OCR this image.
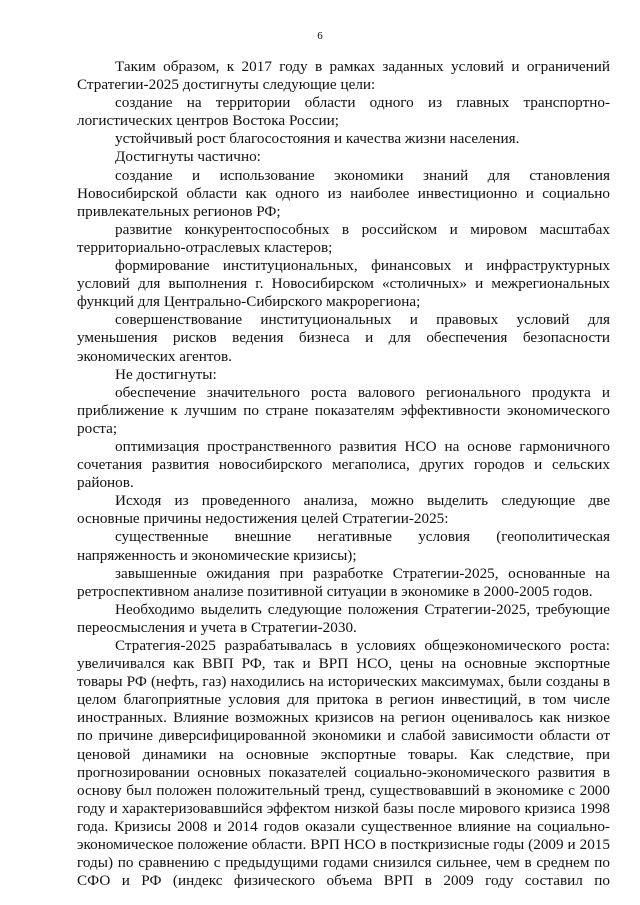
6

Таким образом, к 2017 году в рамках заданных условий и ограничений Стратегии-2025 достигнуты следующие цели:

создание на территории области одного из главных транспортно-логистических центров Востока России;

устойчивый рост благосостояния и качества жизни населения.

Достигнуты частично:

создание и использование экономики знаний для становления Новосибирской области как одного из наиболее инвестиционно и социально привлекательных регионов РФ;

развитие конкурентоспособных в российском и мировом масштабах территориально-отраслевых кластеров;

формирование институциональных, финансовых и инфраструктурных условий для выполнения г. Новосибирском «столичных» и межрегиональных функций для Центрально-Сибирского макрорегиона;

совершенствование институциональных и правовых условий для уменьшения рисков ведения бизнеса и для обеспечения безопасности экономических агентов.

Не достигнуты:

обеспечение значительного роста валового регионального продукта и приближение к лучшим по стране показателям эффективности экономического роста;

оптимизация пространственного развития НСО на основе гармоничного сочетания развития новосибирского мегаполиса, других городов и сельских районов.

Исходя из проведенного анализа, можно выделить следующие две основные причины недостижения целей Стратегии-2025:

существенные внешние негативные условия (геополитическая напряженность и экономические кризисы);

завышенные ожидания при разработке Стратегии-2025, основанные на ретроспективном анализе позитивной ситуации в экономике в 2000-2005 годов.

Необходимо выделить следующие положения Стратегии-2025, требующие переосмысления и учета в Стратегии-2030.

Стратегия-2025 разрабатывалась в условиях общеэкономического роста: увеличивался как ВВП РФ, так и ВРП НСО, цены на основные экспортные товары РФ (нефть, газ) находились на исторических максимумах, были созданы в целом благоприятные условия для притока в регион инвестиций, в том числе иностранных. Влияние возможных кризисов на регион оценивалось как низкое по причине диверсифицированной экономики и слабой зависимости области от ценовой динамики на основные экспортные товары. Как следствие, при прогнозировании основных показателей социально-экономического развития в основу был положен положительный тренд, существовавший в экономике с 2000 году и характеризовавшийся эффектом низкой базы после мирового кризиса 1998 года. Кризисы 2008 и 2014 годов оказали существенное влияние на социально-экономическое положение области. ВРП НСО в посткризисные годы (2009 и 2015 годы) по сравнению с предыдущими годами снизился сильнее, чем в среднем по СФО и РФ (индекс физического объема ВРП в 2009 году составил по
